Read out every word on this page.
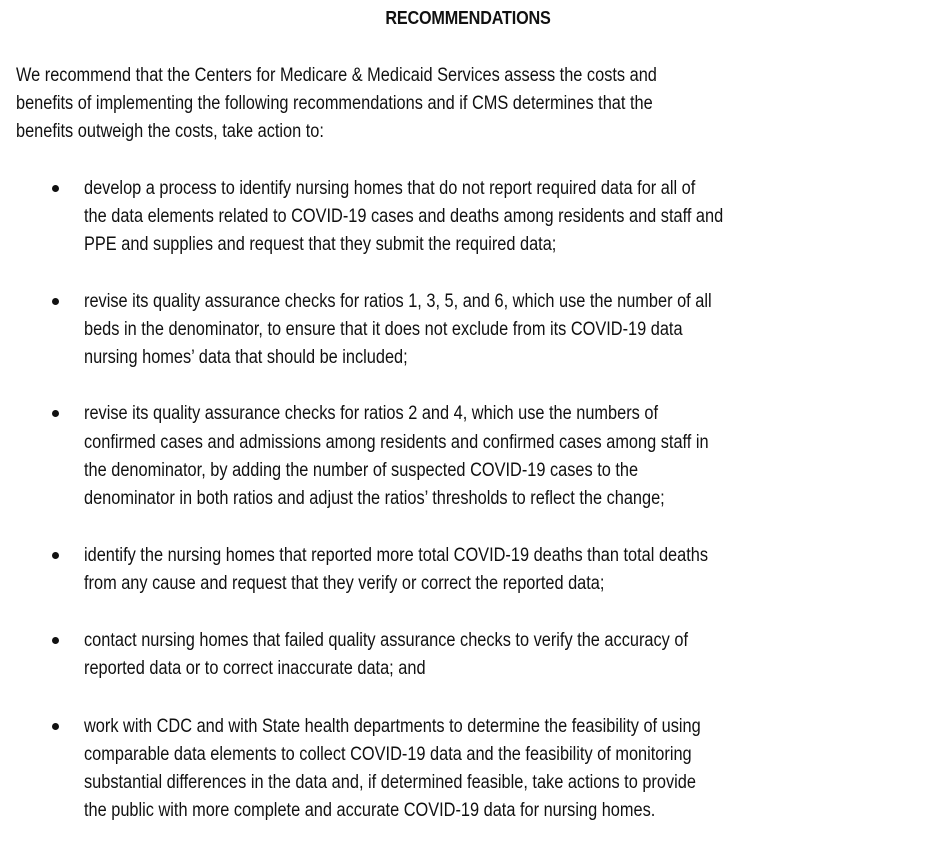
RECOMMENDATIONS
We recommend that the Centers for Medicare & Medicaid Services assess the costs and
benefits of implementing the following recommendations and if CMS determines that the
benefits outweigh the costs, take action to:
develop a process to identify nursing homes that do not report required data for all of
the data elements related to COVID-19 cases and deaths among residents and staff and
PPE and supplies and request that they submit the required data;
revise its quality assurance checks for ratios 1, 3, 5, and 6, which use the number of all
beds in the denominator, to ensure that it does not exclude from its COVID-19 data
nursing homes’ data that should be included;
revise its quality assurance checks for ratios 2 and 4, which use the numbers of
confirmed cases and admissions among residents and confirmed cases among staff in
the denominator, by adding the number of suspected COVID-19 cases to the
denominator in both ratios and adjust the ratios’ thresholds to reflect the change;
identify the nursing homes that reported more total COVID-19 deaths than total deaths
from any cause and request that they verify or correct the reported data;
contact nursing homes that failed quality assurance checks to verify the accuracy of
reported data or to correct inaccurate data; and
work with CDC and with State health departments to determine the feasibility of using
comparable data elements to collect COVID-19 data and the feasibility of monitoring
substantial differences in the data and, if determined feasible, take actions to provide
the public with more complete and accurate COVID-19 data for nursing homes.
